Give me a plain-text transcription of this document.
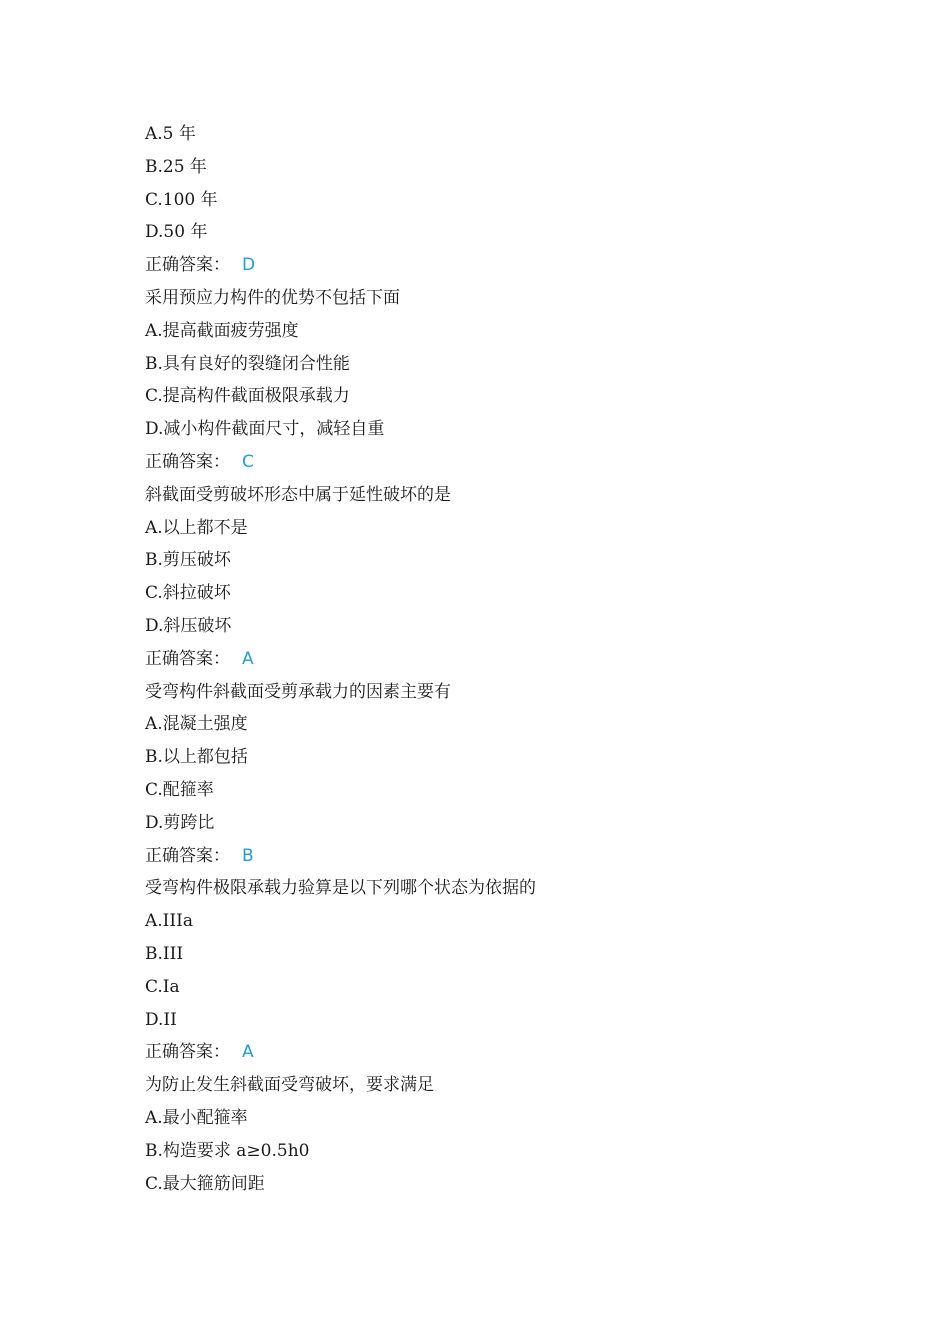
A.5 年
B.25 年
C.100 年
D.50 年
正确答案： D
采用预应力构件的优势不包括下面
A.提高截面疲劳强度
B.具有良好的裂缝闭合性能
C.提高构件截面极限承载力
D.减小构件截面尺寸，减轻自重
正确答案： C
斜截面受剪破坏形态中属于延性破坏的是
A.以上都不是
B.剪压破坏
C.斜拉破坏
D.斜压破坏
正确答案： A
受弯构件斜截面受剪承载力的因素主要有
A.混凝土强度
B.以上都包括
C.配箍率
D.剪跨比
正确答案： B
受弯构件极限承载力验算是以下列哪个状态为依据的
A.IIIa
B.III
C.Ia
D.II
正确答案： A
为防止发生斜截面受弯破坏，要求满足
A.最小配箍率
B.构造要求 a≥0.5h0
C.最大箍筋间距
